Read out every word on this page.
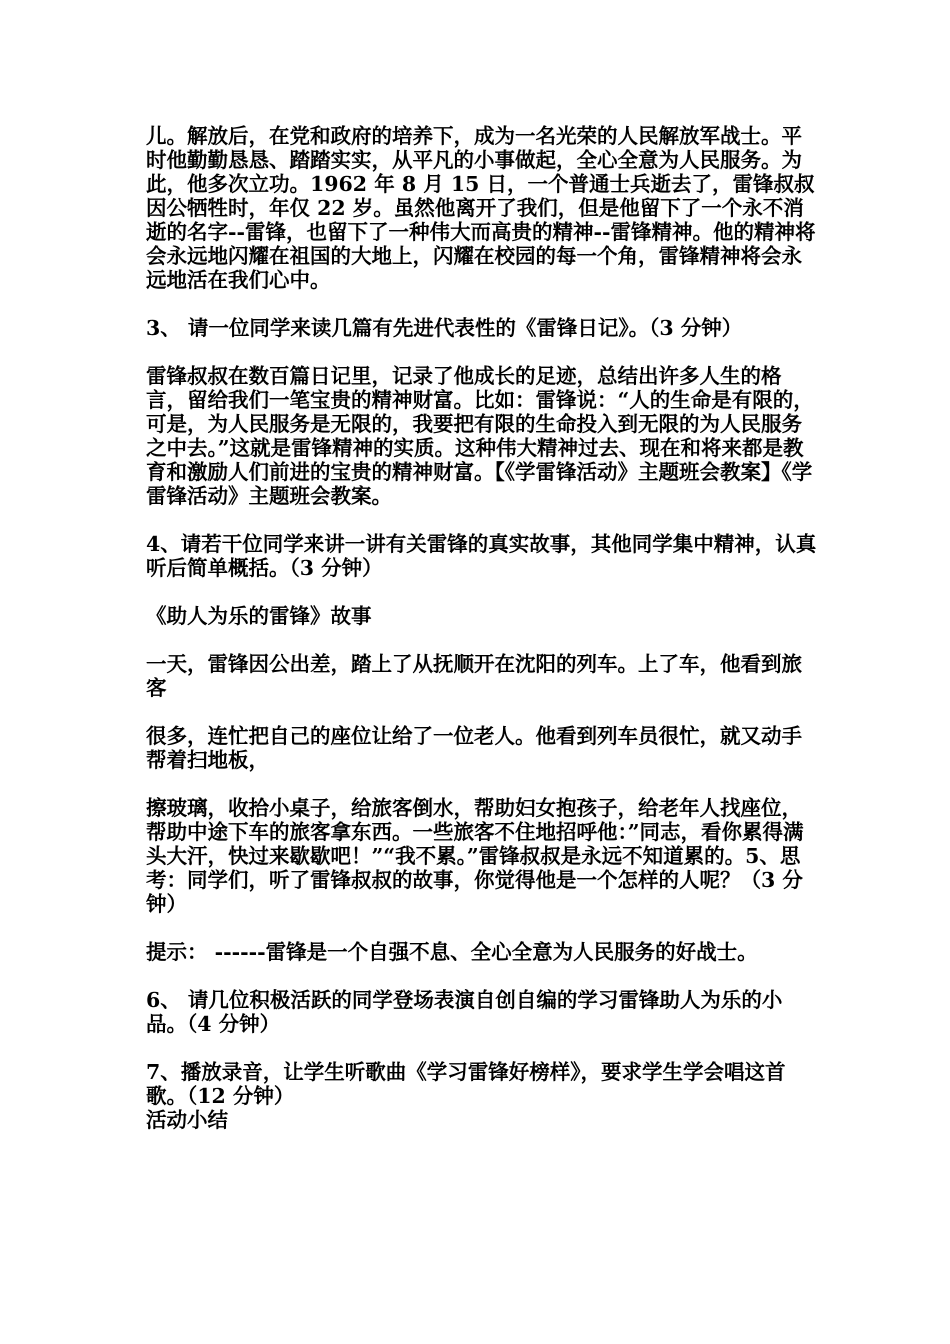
儿。解放后，在党和政府的培养下，成为一名光荣的人民解放军战士。平时他勤勤恳恳、踏踏实实，从平凡的小事做起，全心全意为人民服务。为此，他多次立功。1962 年 8 月 15 日，一个普通士兵逝去了，雷锋叔叔因公牺牲时，年仅 22 岁。虽然他离开了我们，但是他留下了一个永不消逝的名字--雷锋，也留下了一种伟大而高贵的精神--雷锋精神。他的精神将会永远地闪耀在祖国的大地上，闪耀在校园的每一个角，雷锋精神将会永远地活在我们心中。

3、 请一位同学来读几篇有先进代表性的《雷锋日记》。（3 分钟）

雷锋叔叔在数百篇日记里，记录了他成长的足迹，总结出许多人生的格言，留给我们一笔宝贵的精神财富。比如：雷锋说：“人的生命是有限的，可是，为人民服务是无限的，我要把有限的生命投入到无限的为人民服务之中去。”这就是雷锋精神的实质。这种伟大精神过去、现在和将来都是教育和激励人们前进的宝贵的精神财富。【《学雷锋活动》主题班会教案】《学雷锋活动》主题班会教案。

4、请若干位同学来讲一讲有关雷锋的真实故事，其他同学集中精神，认真听后简单概括。（3 分钟）

《助人为乐的雷锋》故事

一天，雷锋因公出差，踏上了从抚顺开在沈阳的列车。上了车，他看到旅客

很多，连忙把自己的座位让给了一位老人。他看到列车员很忙，就又动手帮着扫地板，

擦玻璃，收拾小桌子，给旅客倒水，帮助妇女抱孩子，给老年人找座位，帮助中途下车的旅客拿东西。一些旅客不住地招呼他：”同志，看你累得满头大汗，快过来歇歇吧！”“我不累。”雷锋叔叔是永远不知道累的。5、思考：同学们，听了雷锋叔叔的故事，你觉得他是一个怎样的人呢？（3 分钟）

提示： ------雷锋是一个自强不息、全心全意为人民服务的好战士。

6、 请几位积极活跃的同学登场表演自创自编的学习雷锋助人为乐的小品。（4 分钟）

7、播放录音，让学生听歌曲《学习雷锋好榜样》，要求学生学会唱这首歌。（12 分钟）

活动小结
